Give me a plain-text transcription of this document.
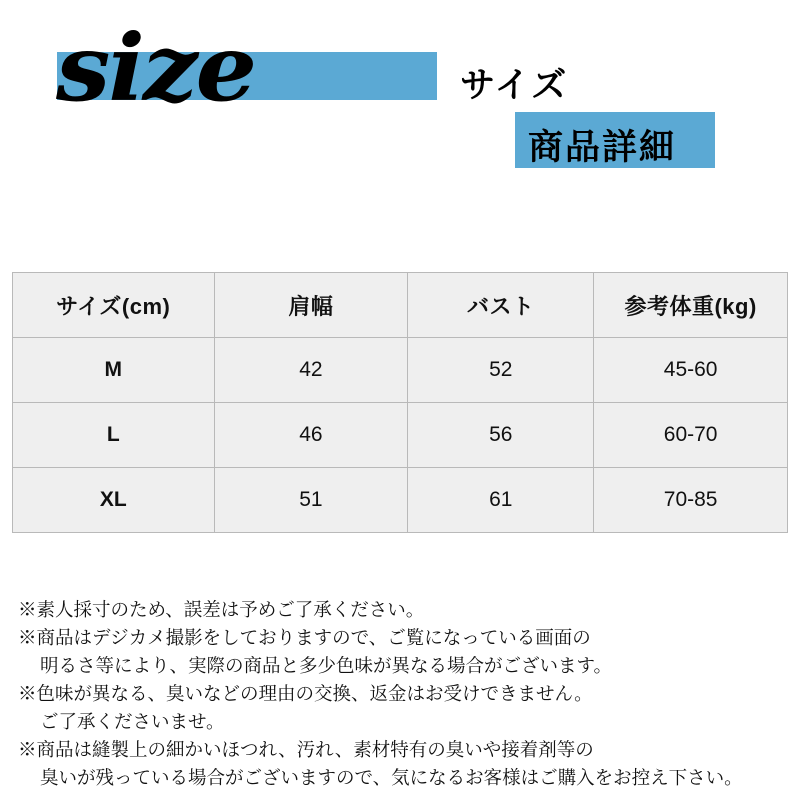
size	サイズ
商品詳細
サイズ(cm)	肩幅	バスト	参考体重(kg)
M	42	52	45-60
L	46	56	60-70
XL	51	61	70-85
※素人採寸のため、誤差は予めご了承ください。
※商品はデジカメ撮影をしておりますので、ご覧になっている画面の
明るさ等により、実際の商品と多少色味が異なる場合がございます。
※色味が異なる、臭いなどの理由の交換、返金はお受けできません。
ご了承くださいませ。
※商品は縫製上の細かいほつれ、汚れ、素材特有の臭いや接着剤等の
臭いが残っている場合がございますので、気になるお客様はご購入をお控え下さい。
